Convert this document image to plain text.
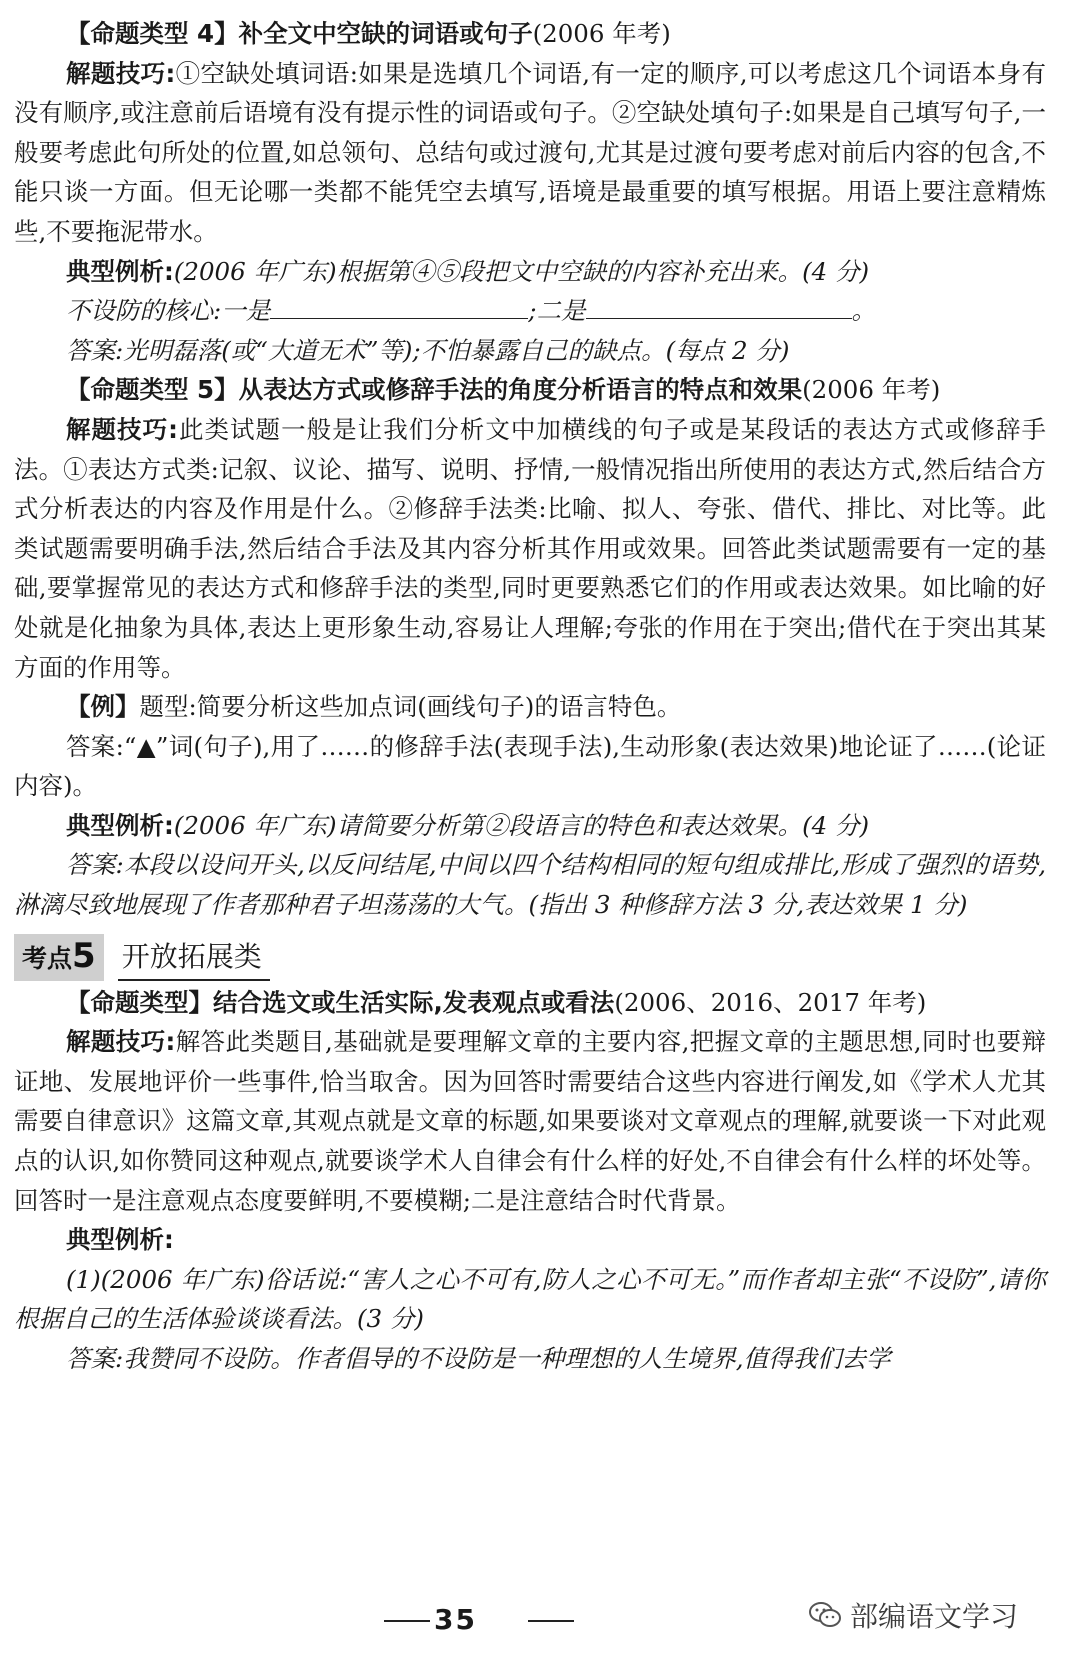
【命题类型 4】补全文中空缺的词语或句子(2006 年考)

解题技巧:①空缺处填词语:如果是选填几个词语,有一定的顺序,可以考虑这几个词语本身有没有顺序,或注意前后语境有没有提示性的词语或句子。②空缺处填句子:如果是自己填写句子,一般要考虑此句所处的位置,如总领句、总结句或过渡句,尤其是过渡句要考虑对前后内容的包含,不能只谈一方面。但无论哪一类都不能凭空去填写,语境是最重要的填写根据。用语上要注意精炼些,不要拖泥带水。

典型例析:(2006 年广东)根据第④⑤段把文中空缺的内容补充出来。(4 分)

不设防的核心:一是	;二是	。

答案:光明磊落(或“大道无术”等);不怕暴露自己的缺点。(每点 2 分)

【命题类型 5】从表达方式或修辞手法的角度分析语言的特点和效果(2006 年考)

解题技巧:此类试题一般是让我们分析文中加横线的句子或是某段话的表达方式或修辞手法。①表达方式类:记叙、议论、描写、说明、抒情,一般情况指出所使用的表达方式,然后结合方式分析表达的内容及作用是什么。②修辞手法类:比喻、拟人、夸张、借代、排比、对比等。此类试题需要明确手法,然后结合手法及其内容分析其作用或效果。回答此类试题需要有一定的基础,要掌握常见的表达方式和修辞手法的类型,同时更要熟悉它们的作用或表达效果。如比喻的好处就是化抽象为具体,表达上更形象生动,容易让人理解;夸张的作用在于突出;借代在于突出其某方面的作用等。

【例】题型:简要分析这些加点词(画线句子)的语言特色。

答案:“▲”词(句子),用了……的修辞手法(表现手法),生动形象(表达效果)地论证了……(论证内容)。

典型例析:(2006 年广东)请简要分析第②段语言的特色和表达效果。(4 分)

答案:本段以设问开头,以反问结尾,中间以四个结构相同的短句组成排比,形成了强烈的语势,淋漓尽致地展现了作者那种君子坦荡荡的大气。(指出 3 种修辞方法 3 分,表达效果 1 分)

考点5 开放拓展类

【命题类型】结合选文或生活实际,发表观点或看法(2006、2016、2017 年考)

解题技巧:解答此类题目,基础就是要理解文章的主要内容,把握文章的主题思想,同时也要辩证地、发展地评价一些事件,恰当取舍。因为回答时需要结合这些内容进行阐发,如《学术人尤其需要自律意识》这篇文章,其观点就是文章的标题,如果要谈对文章观点的理解,就要谈一下对此观点的认识,如你赞同这种观点,就要谈学术人自律会有什么样的好处,不自律会有什么样的坏处等。回答时一是注意观点态度要鲜明,不要模糊;二是注意结合时代背景。

典型例析:

(1)(2006 年广东)俗话说:“害人之心不可有,防人之心不可无。”而作者却主张“不设防”,请你根据自己的生活体验谈谈看法。(3 分)

答案:我赞同不设防。作者倡导的不设防是一种理想的人生境界,值得我们去学

35	部编语文学习
